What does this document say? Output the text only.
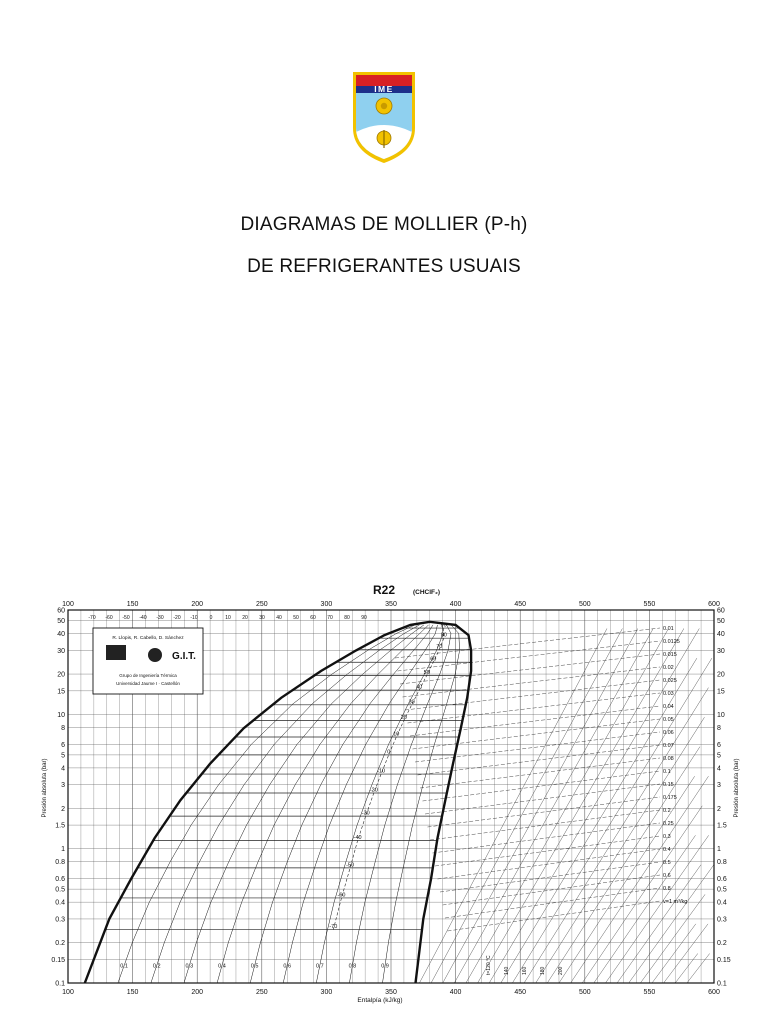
IME
DIAGRAMAS DE MOLLIER (P-h)
DE REFRIGERANTES USUAIS
0.1	0.1
0.15	0.15
0.2	0.2
0.3	0.3
0.4	0.4
0.5	0.5
0.6	0.6
0.8	0.8
1	1
1.5	1.5
2	2
3	3
4	4
5	5
6	6
8	8
10	10
15	15
20	20
30	30
40	40
50	50
60	60
100
100
150
150
200
200
250
250
300
300
350
350
400
400
450
450
500
500
550
550
600
600
90
80
70
60
50
40
30
20
10
0
-10
-20
-30
-40
-50
-60
-70
-70 -60 -50 -40 -30 -20 -10 0	10 20 30 40 50 60 70 80 90
0.1	0.2	0.3	0.4	0.5	0.6	0.7	0.8	0.9
0.01
0.0125
0.015
0.02
0.025
0.03
0.04
0.05
0.06
0.07
0.08
0.1
0.15
0.175
0.2
0.25
0.3
0.4
0.5
0.6
0.8
v=1 m³/kg
t=120 °C 140 160 180 200
R22	(CHClF₂)
Entalpía (kJ/kg)
Presión absoluta (bar)	Presión absoluta (bar)
R. Llopis, R. Cabello, D. Sánchez
G.I.T.
Grupo de Ingeniería Térmica
Universidad Jaume I · Castellón
